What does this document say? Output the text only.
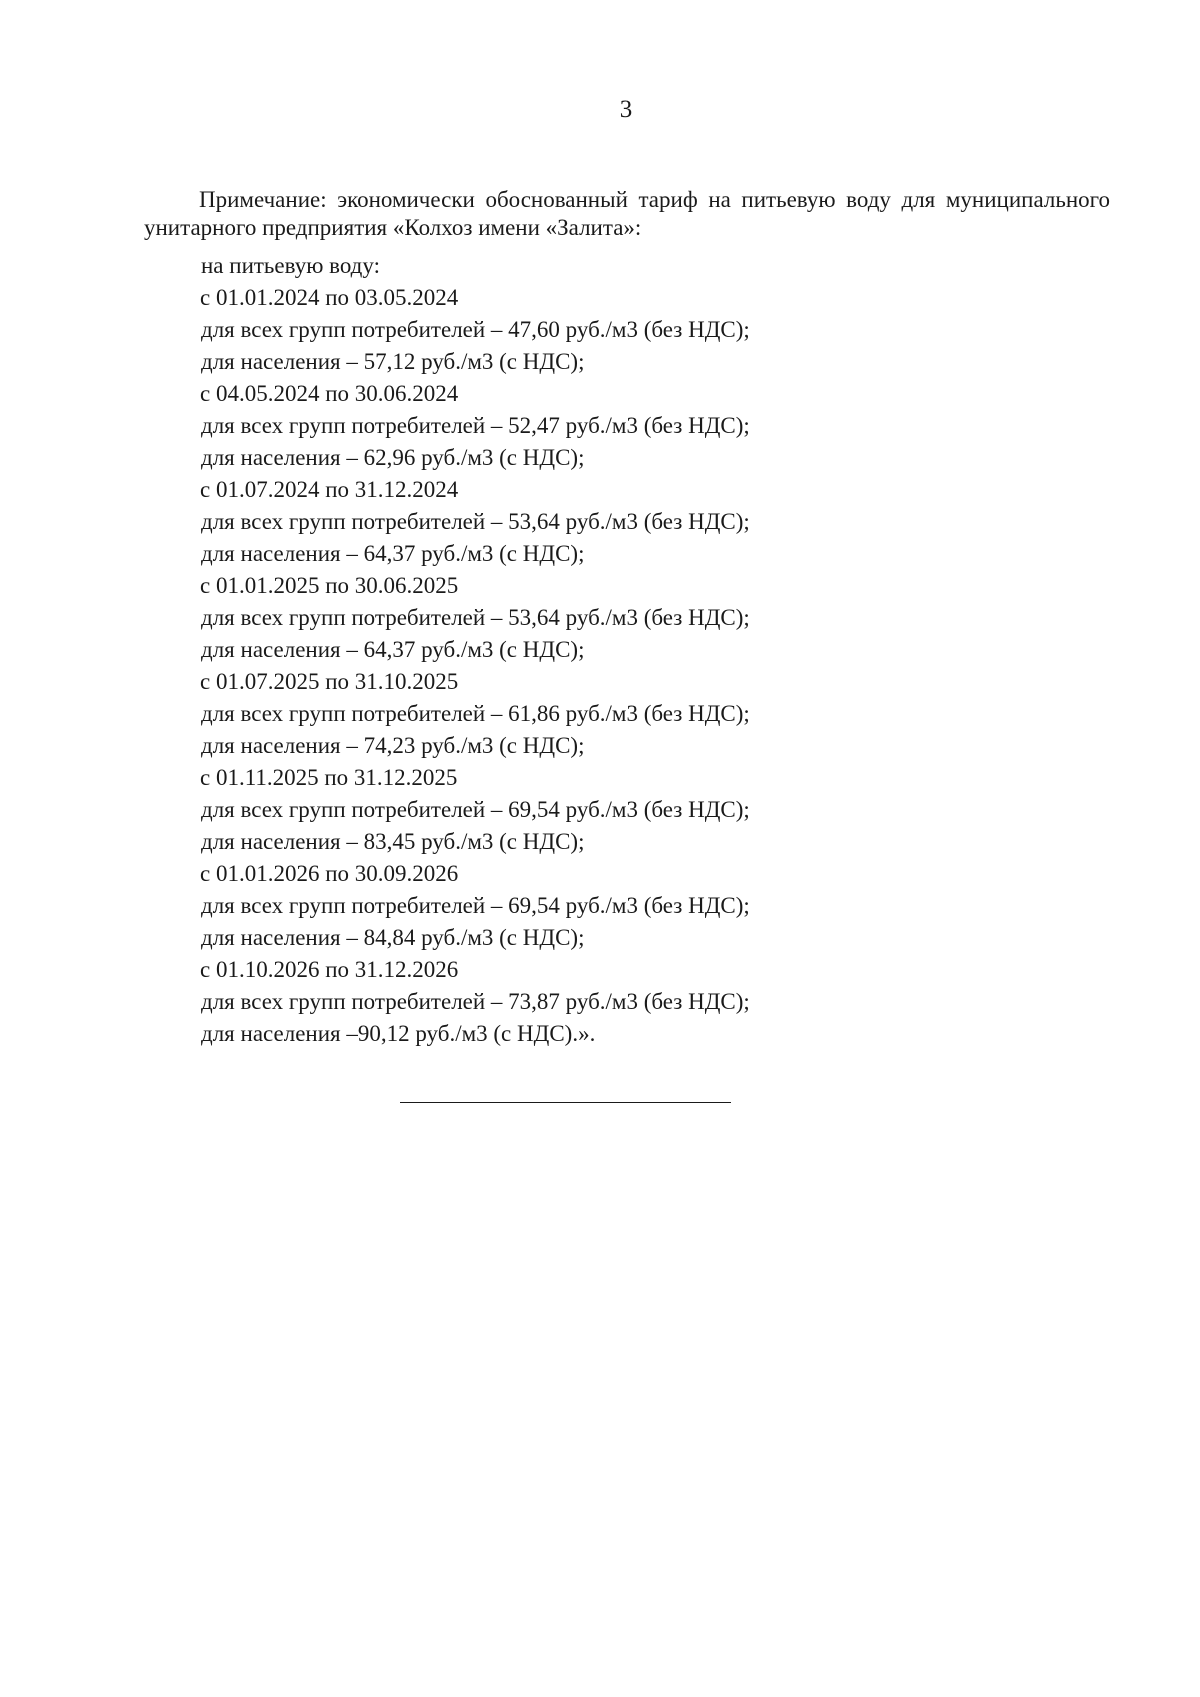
3

Примечание: экономически обоснованный тариф на питьевую воду для муниципального унитарного предприятия «Колхоз имени «Залита»:

на питьевую воду:
с 01.01.2024 по 03.05.2024
для всех групп потребителей – 47,60 руб./м3 (без НДС);
для населения – 57,12 руб./м3 (с НДС);
с 04.05.2024 по 30.06.2024
для всех групп потребителей – 52,47 руб./м3 (без НДС);
для населения – 62,96 руб./м3 (с НДС);
с 01.07.2024 по 31.12.2024
для всех групп потребителей – 53,64 руб./м3 (без НДС);
для населения – 64,37 руб./м3 (с НДС);
с 01.01.2025 по 30.06.2025
для всех групп потребителей – 53,64 руб./м3 (без НДС);
для населения – 64,37 руб./м3 (с НДС);
с 01.07.2025 по 31.10.2025
для всех групп потребителей – 61,86 руб./м3 (без НДС);
для населения – 74,23 руб./м3 (с НДС);
с 01.11.2025 по 31.12.2025
для всех групп потребителей – 69,54 руб./м3 (без НДС);
для населения – 83,45 руб./м3 (с НДС);
с 01.01.2026 по 30.09.2026
для всех групп потребителей – 69,54 руб./м3 (без НДС);
для населения – 84,84 руб./м3 (с НДС);
с 01.10.2026 по 31.12.2026
для всех групп потребителей – 73,87 руб./м3 (без НДС);
для населения –90,12 руб./м3 (с НДС).».
